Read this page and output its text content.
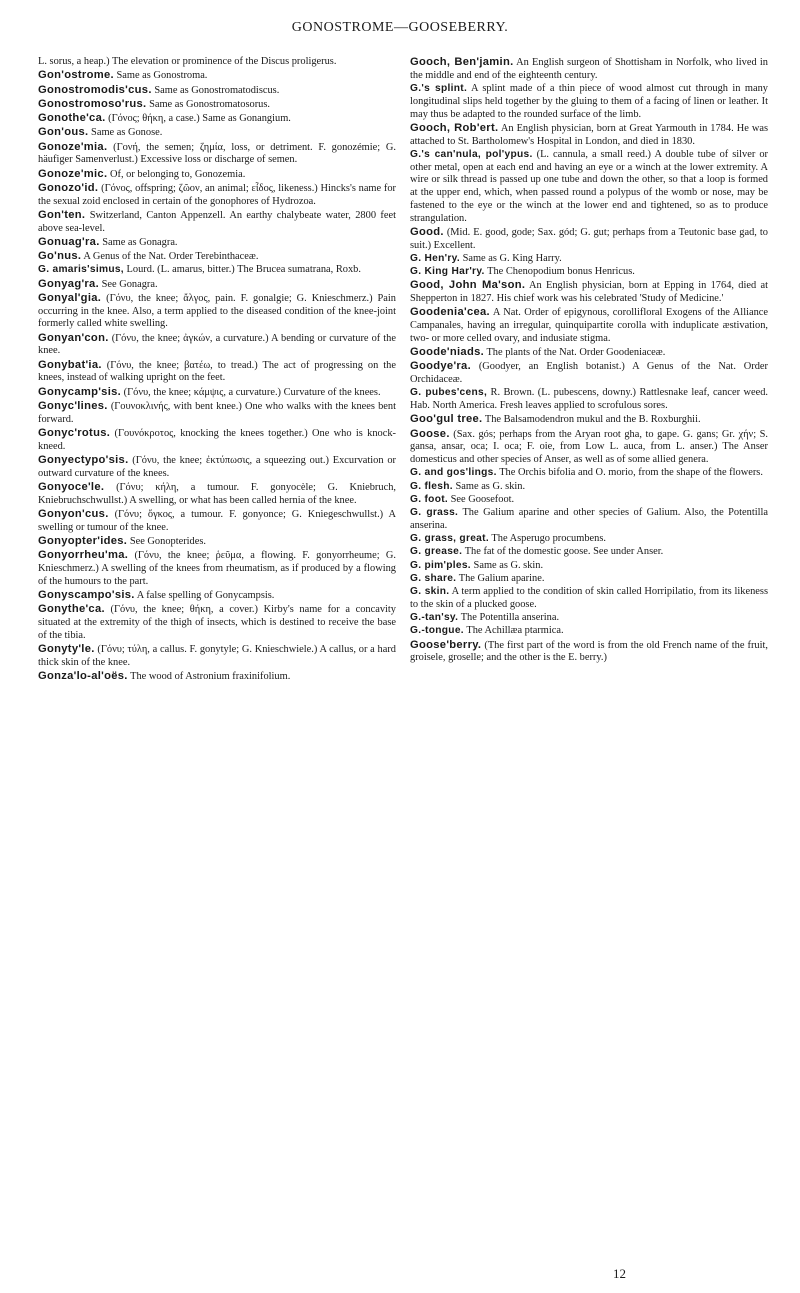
GONOSTROME—GOOSEBERRY.

L. sorus, a heap.) The elevation or prominence of the Discus proligerus.

Gon'ostrome. Same as Gonostroma.

Gonostromodis'cus. Same as Gonostromatodiscus.

Gonostromoso'rus. Same as Gonostromatosorus.

Gonothe'ca. (Γόνος; θήκη, a case.) Same as Gonangium.

Gon'ous. Same as Gonose.

Gonoze'mia. (Γονή, the semen; ζημία, loss, or detriment. F. gonozémie; G. häufiger Samenverlust.) Excessive loss or discharge of semen.

Gonoze'mic. Of, or belonging to, Gonozemia.

Gonozo'id. (Γόνος, offspring; ζῶον, an animal; εἶδος, likeness.) Hincks's name for the sexual zoid enclosed in certain of the gonophores of Hydrozoa.

Gon'ten. Switzerland, Canton Appenzell. An earthy chalybeate water, 2800 feet above sea-level.

Gonuag'ra. Same as Gonagra.

Go'nus. A Genus of the Nat. Order Terebinthaceæ.

G. amaris'simus, Lourd. (L. amarus, bitter.) The Brucea sumatrana, Roxb.

Gonyag'ra. See Gonagra.

Gonyal'gia. (Γόνυ, the knee; ἄλγος, pain. F. gonalgie; G. Knieschmerz.) Pain occurring in the knee. Also, a term applied to the diseased condition of the knee-joint formerly called white swelling.

Gonyan'con. (Γόνυ, the knee; ἀγκών, a curvature.) A bending or curvature of the knee.

Gonybat'ia. (Γόνυ, the knee; βατέω, to tread.) The act of progressing on the knees, instead of walking upright on the feet.

Gonycamp'sis. (Γόνυ, the knee; κάμψις, a curvature.) Curvature of the knees.

Gonyc'lines. (Γουνοκλινής, with bent knee.) One who walks with the knees bent forward.

Gonyc'rotus. (Γουνόκροτος, knocking the knees together.) One who is knock-kneed.

Gonyectypo'sis. (Γόνυ, the knee; ἐκτύπωσις, a squeezing out.) Excurvation or outward curvature of the knees.

Gonyoce'le. (Γόνυ; κήλη, a tumour. F. gonyocèle; G. Kniebruch, Kniebruchschwullst.) A swelling, or what has been called hernia of the knee.

Gonyon'cus. (Γόνυ; ὄγκος, a tumour. F. gonyonce; G. Kniegeschwullst.) A swelling or tumour of the knee.

Gonyopter'ides. See Gonopterides.

Gonyorrheu'ma. (Γόνυ, the knee; ῥεῦμα, a flowing. F. gonyorrheume; G. Knieschmerz.) A swelling of the knees from rheumatism, as if produced by a flowing of the humours to the part.

Gonyscampo'sis. A false spelling of Gonycampsis.

Gonythe'ca. (Γόνυ, the knee; θήκη, a cover.) Kirby's name for a concavity situated at the extremity of the thigh of insects, which is destined to receive the base of the tibia.

Gonyty'le. (Γόνυ; τύλη, a callus. F. gonytyle; G. Knieschwiele.) A callus, or a hard thick skin of the knee.

Gonza'lo-al'oës. The wood of Astronium fraxinifolium.

Gooch, Ben'jamin. An English surgeon of Shottisham in Norfolk, who lived in the middle and end of the eighteenth century.

G.'s splint. A splint made of a thin piece of wood almost cut through in many longitudinal slips held together by the gluing to them of a facing of linen or leather. It may thus be adapted to the rounded surface of the limb.

Gooch, Rob'ert. An English physician, born at Great Yarmouth in 1784. He was attached to St. Bartholomew's Hospital in London, and died in 1830.

G.'s can'nula, pol'ypus. (L. cannula, a small reed.) A double tube of silver or other metal, open at each end and having an eye or a winch at the lower extremity. A wire or silk thread is passed up one tube and down the other, so that a loop is formed at the upper end, which, when passed round a polypus of the womb or nose, may be fastened to the eye or the winch at the lower end and tightened, so as to produce strangulation.

Good. (Mid. E. good, gode; Sax. gód; G. gut; perhaps from a Teutonic base gad, to suit.) Excellent.

G. Hen'ry. Same as G. King Harry.

G. King Har'ry. The Chenopodium bonus Henricus.

Good, John Ma'son. An English physician, born at Epping in 1764, died at Shepperton in 1827. His chief work was his celebrated 'Study of Medicine.'

Goodenia'cea. A Nat. Order of epigynous, corollifloral Exogens of the Alliance Campanales, having an irregular, quinquipartite corolla with induplicate æstivation, two- or more celled ovary, and indusiate stigma.

Goode'niads. The plants of the Nat. Order Goodeniaceæ.

Goodye'ra. (Goodyer, an English botanist.) A Genus of the Nat. Order Orchidaceæ.

G. pubes'cens, R. Brown. (L. pubescens, downy.) Rattlesnake leaf, cancer weed. Hab. North America. Fresh leaves applied to scrofulous sores.

Goo'gul tree. The Balsamodendron mukul and the B. Roxburghii.

Goose. (Sax. gós; perhaps from the Aryan root gha, to gape. G. gans; Gr. χήν; S. gansa, ansar, oca; I. oca; F. oie, from Low L. auca, from L. anser.) The Anser domesticus and other species of Anser, as well as of some allied genera.

G. and gos'lings. The Orchis bifolia and O. morio, from the shape of the flowers.

G. flesh. Same as G. skin.

G. foot. See Goosefoot.

G. grass. The Galium aparine and other species of Galium. Also, the Potentilla anserina.

G. grass, great. The Asperugo procumbens.

G. grease. The fat of the domestic goose. See under Anser.

G. pim'ples. Same as G. skin.

G. share. The Galium aparine.

G. skin. A term applied to the condition of skin called Horripilatio, from its likeness to the skin of a plucked goose.

G.-tan'sy. The Potentilla anserina.

G.-tongue. The Achillæa ptarmica.

Goose'berry. (The first part of the word is from the old French name of the fruit, groisele, groselle; and the other is the E. berry.)

12
